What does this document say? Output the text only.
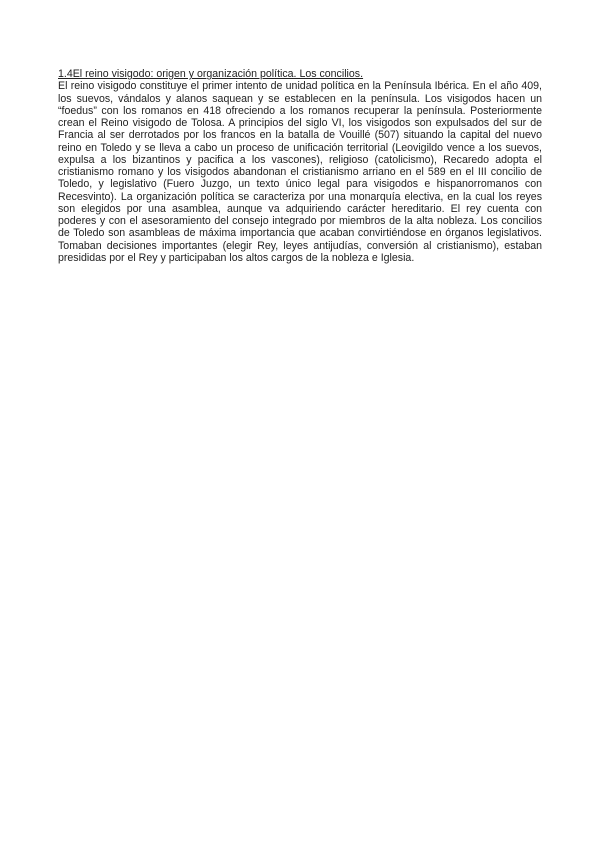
1.4El reino visigodo: origen y organización política. Los concilios.

El reino visigodo constituye el primer intento de unidad política en la Península Ibérica. En el año 409, los suevos, vándalos y alanos saquean y se establecen en la península. Los visigodos hacen un “foedus” con los romanos en 418 ofreciendo a los romanos recuperar la península. Posteriormente crean el Reino visigodo de Tolosa. A principios del siglo VI, los visigodos son expulsados del sur de Francia al ser derrotados por los francos en la batalla de Vouillé (507) situando la capital del nuevo reino en Toledo y se lleva a cabo un proceso de unificación territorial (Leovigildo vence a los suevos, expulsa a los bizantinos y pacifica a los vascones), religioso (catolicismo), Recaredo adopta el cristianismo romano y los visigodos abandonan el cristianismo arriano en el 589 en el III concilio de Toledo, y legislativo (Fuero Juzgo, un texto único legal para visigodos e hispanorromanos con Recesvinto). La organización política se caracteriza por una monarquía electiva, en la cual los reyes son elegidos por una asamblea, aunque va adquiriendo carácter hereditario. El rey cuenta con poderes y con el asesoramiento del consejo integrado por miembros de la alta nobleza. Los concilios de Toledo son asambleas de máxima importancia que acaban convirtiéndose en órganos legislativos. Tomaban decisiones importantes (elegir Rey, leyes antijudías, conversión al cristianismo), estaban presididas por el Rey y participaban los altos cargos de la nobleza e Iglesia.
